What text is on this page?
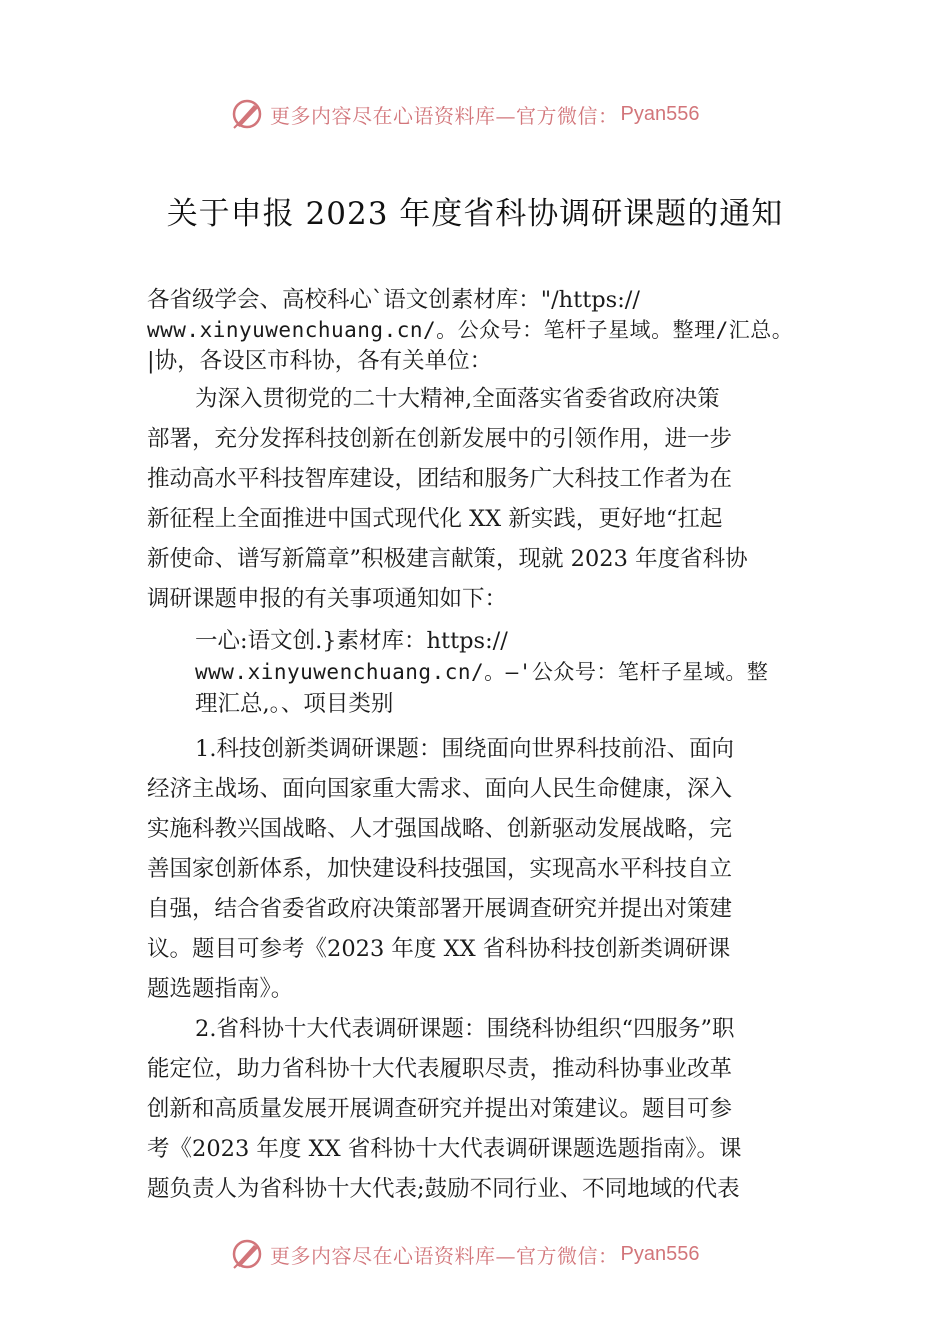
更多内容尽在心语资料库—官方微信： Pyan556
关于申报 2023 年度省科协调研课题的通知
各省级学会、高校科心`语文创素材库："/https://
www.xinyuwenchuang.cn/。公众号：笔杆子星域。整理/汇总。
|协，各设区市科协，各有关单位：
为深入贯彻党的二十大精神,全面落实省委省政府决策
部署，充分发挥科技创新在创新发展中的引领作用，进一步
推动高水平科技智库建设，团结和服务广大科技工作者为在
新征程上全面推进中国式现代化 XX 新实践，更好地“扛起
新使命、谱写新篇章”积极建言献策，现就 2023 年度省科协
调研课题申报的有关事项通知如下：
一心:语文创.}素材库：https://
www.xinyuwenchuang.cn/。—'公众号：笔杆子星域。整
理汇总,。、项目类别
1.科技创新类调研课题：围绕面向世界科技前沿、面向
经济主战场、面向国家重大需求、面向人民生命健康，深入
实施科教兴国战略、人才强国战略、创新驱动发展战略，完
善国家创新体系，加快建设科技强国，实现高水平科技自立
自强，结合省委省政府决策部署开展调查研究并提出对策建
议。题目可参考《2023 年度 XX 省科协科技创新类调研课
题选题指南》。
2.省科协十大代表调研课题：围绕科协组织“四服务”职
能定位，助力省科协十大代表履职尽责，推动科协事业改革
创新和高质量发展开展调查研究并提出对策建议。题目可参
考《2023 年度 XX 省科协十大代表调研课题选题指南》。课
题负责人为省科协十大代表;鼓励不同行业、不同地域的代表
更多内容尽在心语资料库—官方微信： Pyan556
